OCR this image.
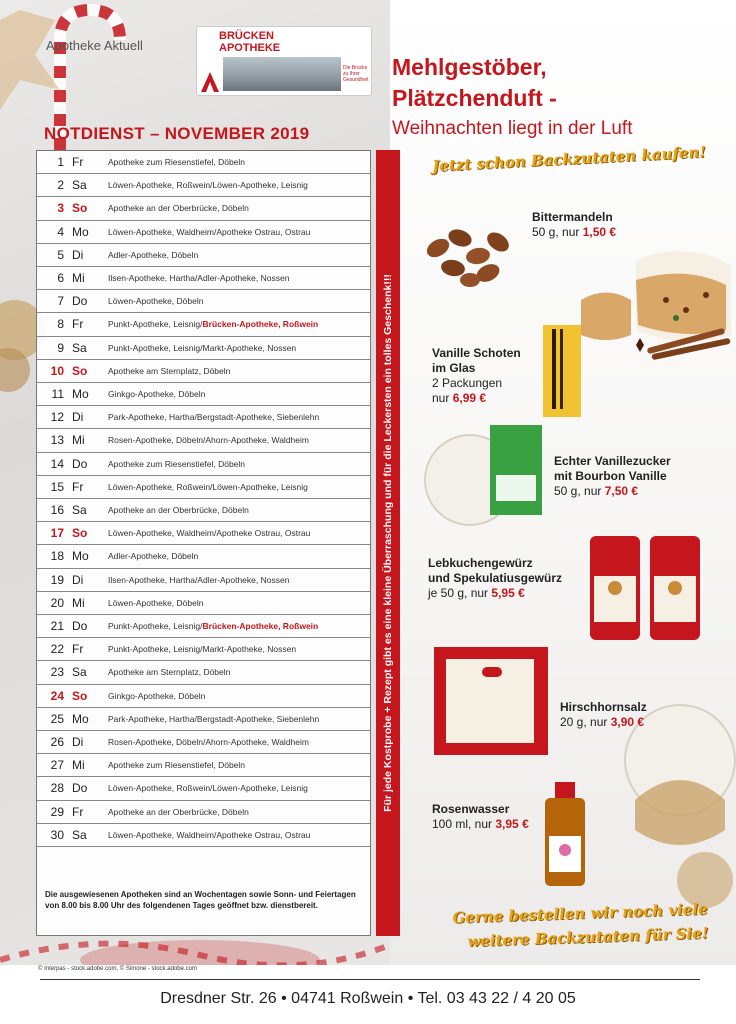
Apotheke Aktuell
BRÜCKEN
APOTHEKE
Die Brücke zu Ihrer Gesundheit
NOTDIENST – NOVEMBER 2019
1 Fr	Apotheke zum Riesenstiefel, Döbeln
2 Sa	Löwen-Apotheke, Roßwein/Löwen-Apotheke, Leisnig
3 So	Apotheke an der Oberbrücke, Döbeln
4 Mo	Löwen-Apotheke, Waldheim/Apotheke Ostrau, Ostrau
5 Di	Adler-Apotheke, Döbeln
6 Mi	Ilsen-Apotheke, Hartha/Adler-Apotheke, Nossen
7 Do	Löwen-Apotheke, Döbeln
8 Fr	Punkt-Apotheke, Leisnig/Brücken-Apotheke, Roßwein
9 Sa	Punkt-Apotheke, Leisnig/Markt-Apotheke, Nossen
10 So	Apotheke am Sternplatz, Döbeln
11 Mo	Ginkgo-Apotheke, Döbeln
12 Di	Park-Apotheke, Hartha/Bergstadt-Apotheke, Siebenlehn
13 Mi	Rosen-Apotheke, Döbeln/Ahorn-Apotheke, Waldheim
14 Do	Apotheke zum Riesenstiefel, Döbeln
15 Fr	Löwen-Apotheke, Roßwein/Löwen-Apotheke, Leisnig
16 Sa	Apotheke an der Oberbrücke, Döbeln
17 So	Löwen-Apotheke, Waldheim/Apotheke Ostrau, Ostrau
18 Mo	Adler-Apotheke, Döbeln
19 Di	Ilsen-Apotheke, Hartha/Adler-Apotheke, Nossen
20 Mi	Löwen-Apotheke, Döbeln
21 Do	Punkt-Apotheke, Leisnig/Brücken-Apotheke, Roßwein
22 Fr	Punkt-Apotheke, Leisnig/Markt-Apotheke, Nossen
23 Sa	Apotheke am Sternplatz, Döbeln
24 So	Ginkgo-Apotheke, Döbeln
25 Mo	Park-Apotheke, Hartha/Bergstadt-Apotheke, Siebenlehn
26 Di	Rosen-Apotheke, Döbeln/Ahorn-Apotheke, Waldheim
27 Mi	Apotheke zum Riesenstiefel, Döbeln
28 Do	Löwen-Apotheke, Roßwein/Löwen-Apotheke, Leisnig
29 Fr	Apotheke an der Oberbrücke, Döbeln
30 Sa	Löwen-Apotheke, Waldheim/Apotheke Ostrau, Ostrau
Die ausgewiesenen Apotheken sind an Wochentagen sowie Sonn- und Feiertagen von 8.00 bis 8.00 Uhr des folgendenen Tages geöffnet bzw. dienstbereit.
Für jede Kostprobe + Rezept gibt es eine kleine Überraschung und für die Leckersten ein tolles Geschenk!!!
Mehlgestöber,
Plätzchenduft -
Weihnachten liegt in der Luft
Jetzt schon Backzutaten kaufen!
Bittermandeln
50 g, nur 1,50 €
Vanille Schoten
im Glas
2 Packungen
nur 6,99 €
Echter Vanillezucker
mit Bourbon Vanille
50 g, nur 7,50 €
Lebkuchengewürz
und Spekulatiusgewürz
je 50 g, nur 5,95 €
Hirschhornsalz
20 g, nur 3,90 €
Rosenwasser
100 ml, nur 3,95 €
Gerne bestellen wir noch viele
weitere Backzutaten für Sie!
© Interpas - stock.adobe.com, © Simone - stock.adobe.com
Dresdner Str. 26 • 04741 Roßwein • Tel. 03 43 22 / 4 20 05
